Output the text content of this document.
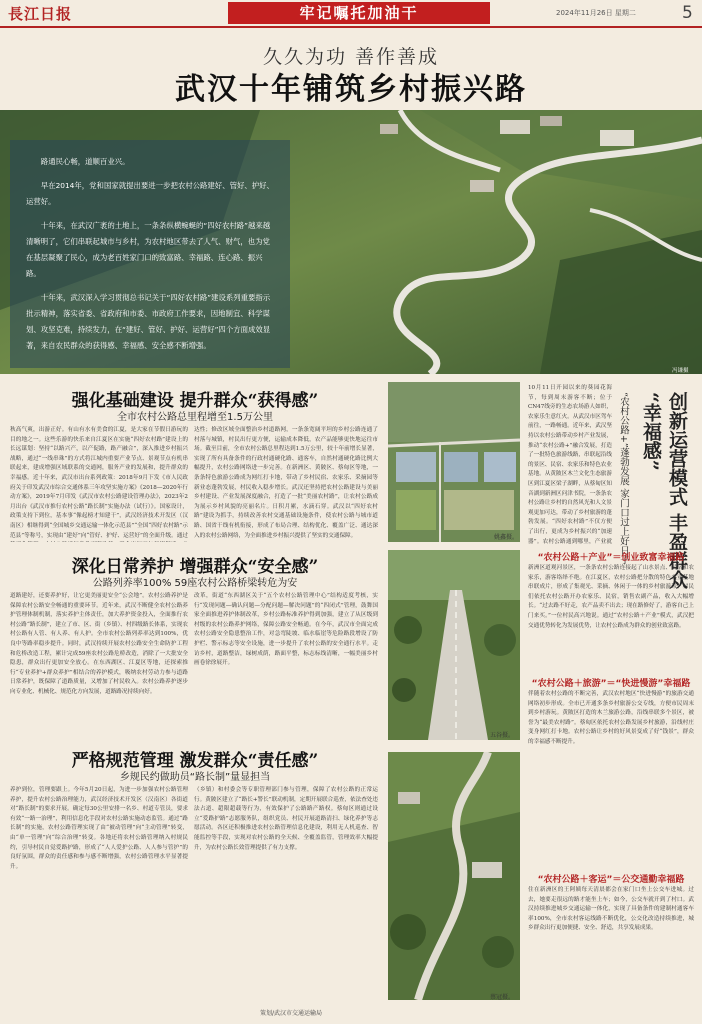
長江日报	牢记嘱托加油干	2024年11月26日 星期二	5
久久为功 善作善成
武汉十年铺筑乡村振兴路

路通民心畅，道顺百业兴。

早在2014年，党和国家就提出要进一步把农村公路建好、管好、护好、运营好。

十年来，在武汉广袤的土地上，一条条纵横蜿蜒的“四好农村路”越来越清晰明了，它们串联起城市与乡村，为农村地区带去了人气、财气，也为党在基层凝聚了民心，成为老百姓家门口的致富路、幸福路、连心路、振兴路。

十年来，武汉深入学习贯彻总书记关于“四好农村路”建设系列重要指示批示精神，落实省委、省政府和市委、市政府工作要求，因地制宜、科学谋划、攻坚克难，持续发力，在“建好、管好、护好、运营好”四个方面成效显著，来自农民群众的获得感、幸福感、安全感不断增强。

冯谦摄
强化基础建设 提升群众“获得感”
全市农村公路总里程增至1.5万公里
秋高气爽，出游正好。有山有水有美食的江夏，是大家在节假日游玩的目的地之一。这些乐游的快乐来自江夏区在实施“四好农村路”建设上的长远谋划：坚持“以路兴产，以产促路，路产融合”，深入推进乡村振兴战略，通过“一线串珠”的方式将江城内重要产业节点、景观节点有机串联起来，建成增强区域联系的交通网，服务产业的发展和，提升群众的幸福感。近十年来，武汉市出台系列政策：2018年9月下发《市人民政府关于印发武汉市综合交通体系三年攻坚实施方案》《2018—2020年行动方案》，2019年7月印发《武汉市农村公路建设管理办法》，2023年2月出台《武汉市推行农村公路“路长制”实施办法（试行）》。国家设计，政策支持下到位，基本事“像起榜才知建干”，武汉经济技术开发区（汉南区）相继得到“全国城乡交通运输一体化示范县”“全国“四好农村路”示范县”等称号，实现由“建好”向“管好、护好、运营好”的全面升级。通过
达性；修改区域全面整治乡村道路网，一条条宽阔平坦的乡村公路连通了村落与城镇，村民出行更方便，运输成本降低，农产品能够更快地运往市场。截至目前，全市农村公路总里程达到1.5万公里，较十年前增长显著，实现了所有具备条件的行政村通硬化路、通客车，自然村通硬化路比例大幅提升，农村公路网络进一步完善。在新洲区、黄陂区、蔡甸区等地，一条条特色旅游公路成为网红打卡地，带动了乡村民宿、农家乐、采摘园等新业态蓬勃发展，村民收入稳步增长。武汉还坚持把农村公路建设与美丽乡村建设、产业发展深度融合，打造了一批“美丽农村路”，让农村公路成为展示乡村风貌的亮丽名片。日积月累，水滴石穿。武汉以“四好农村路”建设为抓手，持续改善农村交通基础设施条件，使农村公路与城市道路、国省干线有机衔接，形成了布局合理、结构优化、覆盖广泛、通达深入的农村公路网络，为全面推进乡村振兴提供了坚实的交通保障。	姚鑫摄。
深化日常养护 增强群众“安全感”
公路列养率100% 59座农村公路桥梁转危为安
道路建好，还要养护好，让它更美丽更安全“公会地”。农村公路养护是保障农村公路安全畅通的重要环节。近年来，武汉不断健全农村公路养护管理体制机制，落实养护主体责任，加大养护资金投入，全面推行农村公路“路长制”，建立了市、区、街（乡镇）、村四级路长体系，实现农村公路有人管、有人养、有人护。全市农村公路列养率达到100%，优良中等路率稳步提升。同时，武汉持续开展农村公路安全生命防护工程和危桥改造工程，累计完成59座农村公路危桥改造，消除了一大批安全隐患，群众出行更加安全放心。在东西湖区、江夏区等地，还探索推行“专业养护+群众养护”相结合的养护模式，吸纳农村劳动力参与道路日常养护，既保障了道路质量，又增加了村民收入。农村公路养护逐步向专业化、机械化、规范化方向发展，道路路况持续向好。
改革，街道“东西湖区关于“五个农村公路管理中心”结构适度考核，实行“发现问题—确认问题—分配问题—解决问题”的“四闭式”管理，鼓舞国家全面推进养护体制改革，乡村公路标准养护得到加强，建立了从区级到村级的农村公路养护网络，保障公路安全畅通。在今年，武汉市全面完成农村公路安全隐患整治工作，对急弯陡坡、临水临崖等危险路段增设了防护栏、警示标志等安全设施，进一步提升了农村公路的安全通行水平。走访乡村，道路整洁，绿树成荫，路面平整，标志标线清晰，一幅美丽乡村画卷徐徐展开。
五谷摄。
严格规范管理 激发群众“责任感”
乡规民约做助员“路长制”量显担当
养护到位，管理要跟上。今年5月20日起，为进一步加强农村公路管理养护，提升农村公路治理能力，武汉经济技术开发区（汉南区）各街道对“路长制”的要求开展。确定每30公里安排一名乡、村道专管员，要求有效“一路一治理”，利用信息化手段对农村公路实施动态监管。通过“路长制”的实施，农村公路管理实现了由“被动管理”向“主动管理”转变，由“单一管理”向“综合治理”转变。各地还将农村公路管理纳入村规民约，引导村民自觉爱路护路，形成了“人人爱护公路、人人参与管护”的良好氛围，群众的责任感和参与感不断增强，农村公路管理水平显著提升。
（乡镇）和村委会等专职管理部门参与管理，保障了农村公路的正常运行。黄陂区建立了“路长+警长”联动机制，定期开展联合巡查，依法查处违法占道、超限超载等行为，有效保护了公路路产路权。蔡甸区则通过设立“爱路护路”志愿服务队，组织党员、村民开展道路清扫、绿化养护等志愿活动。各区还积极推进农村公路管理信息化建设，利用无人机巡查、智能监控等手段，实现对农村公路的全天候、全覆盖监管，管理效率大幅提升，为农村公路长效管理提供了有力支撑。
蔡冠摄。
创新运营模式 丰盈群众
“幸福感”
“农村公路+”蓬勃发展 家门口过上好日子
10月11日开园以来的葵园花海节，每到周末游客不断；位于CN47线旁的生态农场游人如织，农家乐生意红火。从武汉市区驾车前往，一路畅通。近年来，武汉坚持以农村公路带动乡村产业发展，推动“农村公路+”融合发展，打造了一批特色旅游线路，串联起沿线的景区、民宿、农家乐和特色农业基地。从黄陂区木兰文化生态旅游区到江夏区梁子湖畔，从蔡甸区知音湖到新洲区问津书院，一条条农村公路让乡村的自然风光和人文景观更加可达，带动了乡村旅游的蓬勃发展。“四好农村路”不仅方便了出行，更成为乡村振兴的“加速器”。农村公路通到哪里，产业就
“农村公路＋产业”＝创业致富幸福路
新洲区道观河景区，一条条农村公路连接起了山水景点、民宿和农家乐，游客络绎不绝。在江夏区，农村公路把分散的特色农业基地串联成片，形成了集观光、采摘、休闲于一体的乡村旅游带。村民们依托农村公路开办农家乐、民宿，销售农副产品，收入大幅增长。“过去路不好走，农产品卖不出去；现在路修好了，游客自己上门来买。”一位村民高兴地说。通过“农村公路＋产业”模式，武汉把交通优势转化为发展优势，让农村公路成为群众的创业致富路。
“农村公路＋旅游”＝“快进慢游”幸福路
伴随着农村公路的不断完善，武汉农村地区“快进慢游”的旅游交通网络初步形成。全市已开通多条乡村旅游公交专线，方便市民周末到乡村游玩。黄陂区打造的木兰旅游公路，沿线串联多个景区，被誉为“最美农村路”。蔡甸区依托农村公路发展乡村旅游，沿线村庄变身网红打卡地。农村公路让乡村的好风景变成了好“钱景”，群众的幸福感不断提升。
“农村公路＋客运”＝公交通勤幸福路
住在新洲区的王阿姨每天清晨都会在家门口坐上公交车进城。过去，她要走很远的路才能坐上车；如今，公交车就开到了村口。武汉持续推进城乡交通运输一体化，实现了具备条件的建制村通客车率100%，全市农村客运线路不断优化，公交化改造持续推进，城乡群众出行更加便捷、安全、舒适，共享发展成果。
策划/武汉市交通运输局
